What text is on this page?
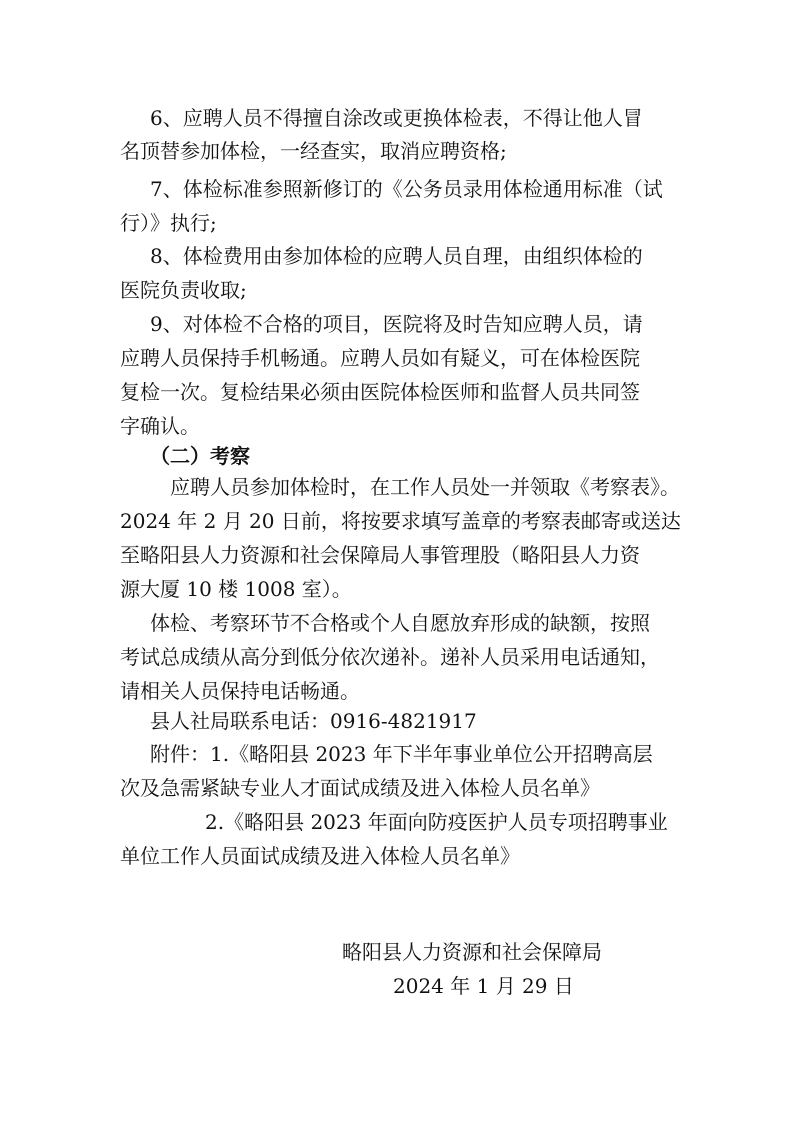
6、应聘人员不得擅自涂改或更换体检表，不得让他人冒
名顶替参加体检，一经查实，取消应聘资格;
7、体检标准参照新修订的《公务员录用体检通用标准（试
行）》执行;
8、体检费用由参加体检的应聘人员自理，由组织体检的
医院负责收取;
9、对体检不合格的项目，医院将及时告知应聘人员，请
应聘人员保持手机畅通。应聘人员如有疑义，可在体检医院
复检一次。复检结果必须由医院体检医师和监督人员共同签
字确认。
（二）考察
应聘人员参加体检时，在工作人员处一并领取《考察表》。
2024 年 2 月 20 日前，将按要求填写盖章的考察表邮寄或送达
至略阳县人力资源和社会保障局人事管理股（略阳县人力资
源大厦 10 楼 1008 室）。
体检、考察环节不合格或个人自愿放弃形成的缺额，按照
考试总成绩从高分到低分依次递补。递补人员采用电话通知，
请相关人员保持电话畅通。
县人社局联系电话：0916-4821917
附件：1.《略阳县 2023 年下半年事业单位公开招聘高层
次及急需紧缺专业人才面试成绩及进入体检人员名单》
2.《略阳县 2023 年面向防疫医护人员专项招聘事业
单位工作人员面试成绩及进入体检人员名单》
略阳县人力资源和社会保障局
2024 年 1 月 29 日
